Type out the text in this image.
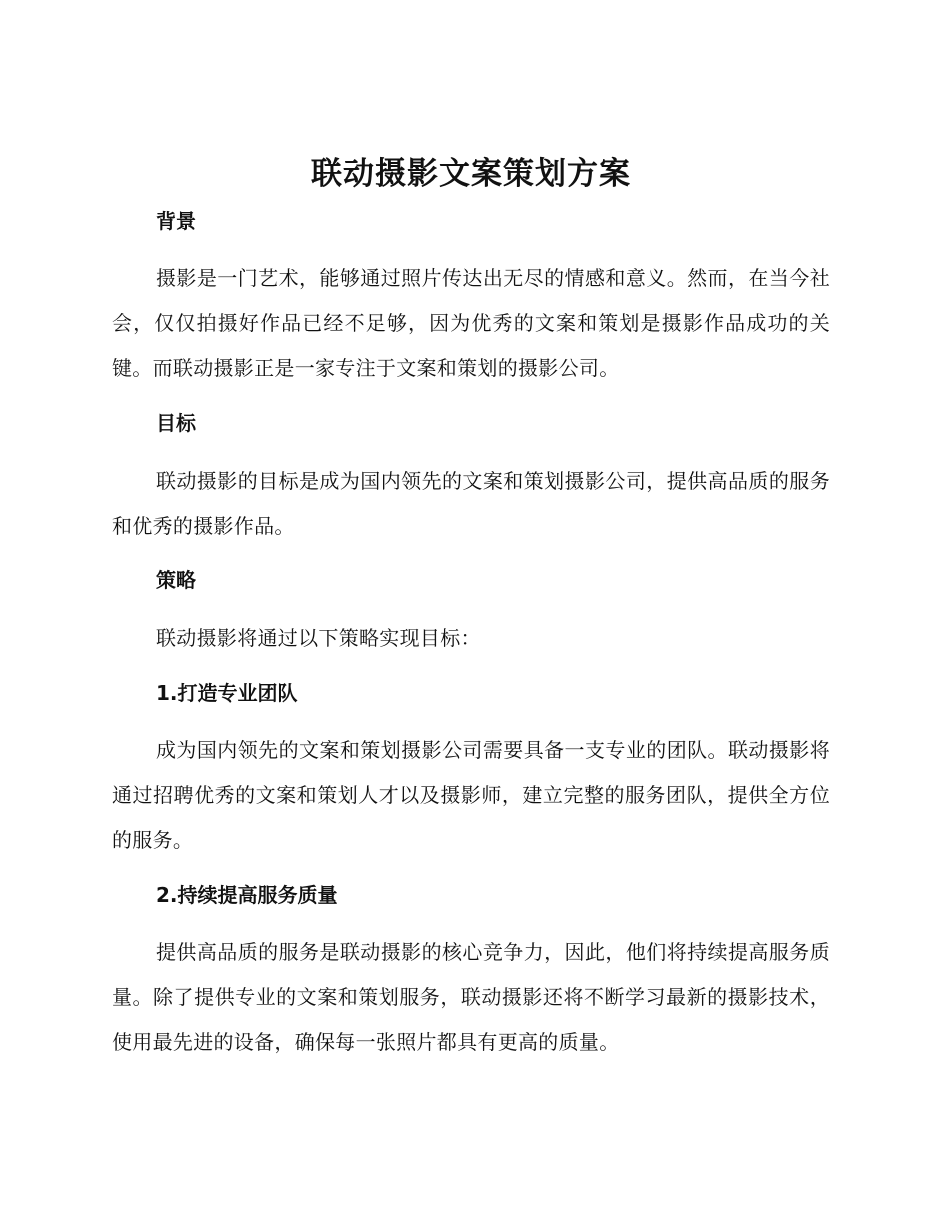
联动摄影文案策划方案
背景

摄影是一门艺术，能够通过照片传达出无尽的情感和意义。然而，在当今社会，仅仅拍摄好作品已经不足够，因为优秀的文案和策划是摄影作品成功的关键。而联动摄影正是一家专注于文案和策划的摄影公司。

目标

联动摄影的目标是成为国内领先的文案和策划摄影公司，提供高品质的服务和优秀的摄影作品。

策略

联动摄影将通过以下策略实现目标：

1.打造专业团队

成为国内领先的文案和策划摄影公司需要具备一支专业的团队。联动摄影将通过招聘优秀的文案和策划人才以及摄影师，建立完整的服务团队，提供全方位的服务。

2.持续提高服务质量

提供高品质的服务是联动摄影的核心竞争力，因此，他们将持续提高服务质量。除了提供专业的文案和策划服务，联动摄影还将不断学习最新的摄影技术，使用最先进的设备，确保每一张照片都具有更高的质量。
